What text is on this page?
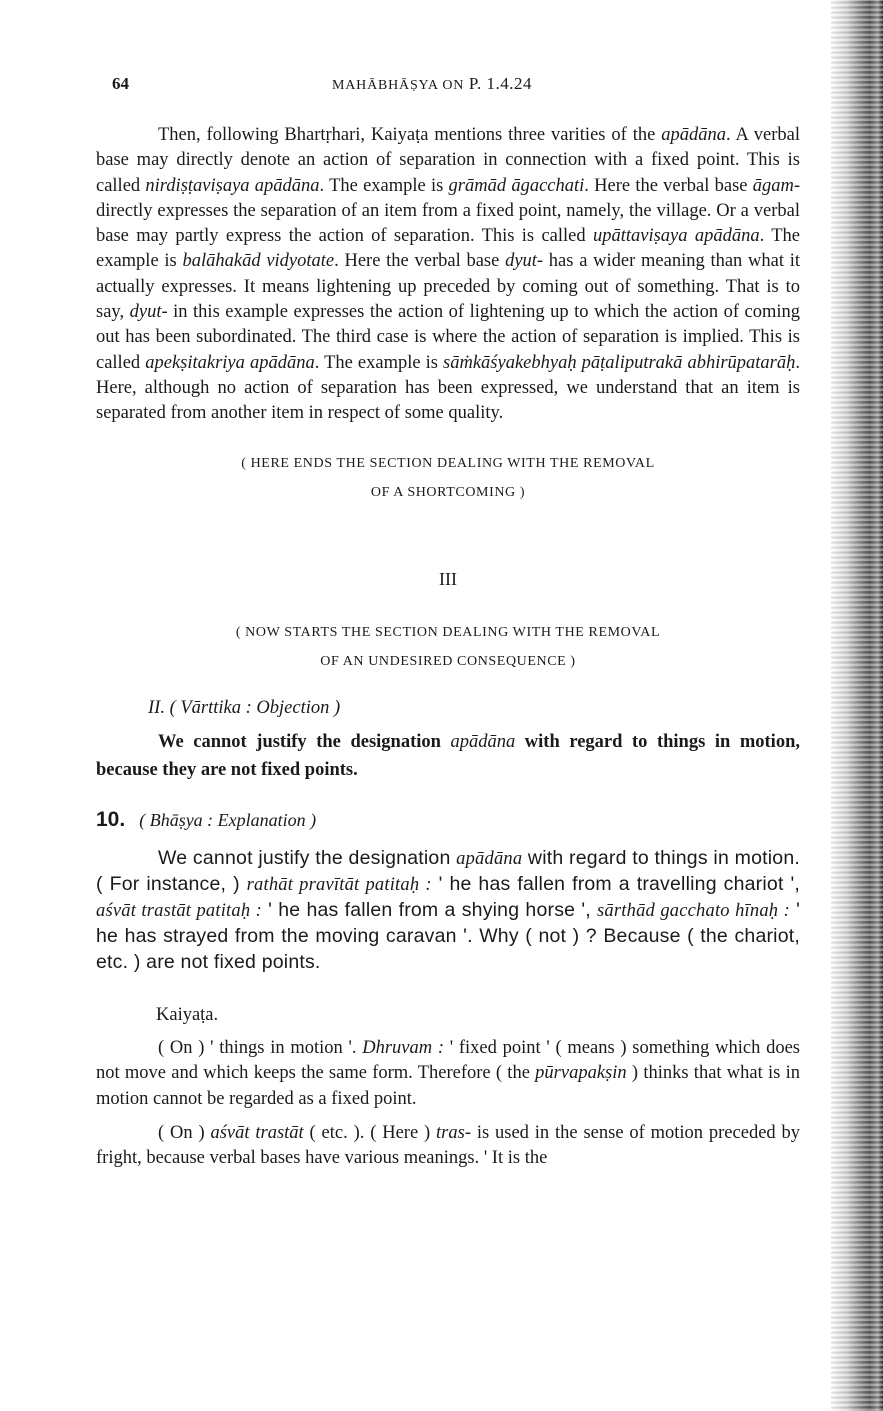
64	MAHĀBHĀṢYA ON P. 1.4.24

Then, following Bhartṛhari, Kaiyaṭa mentions three varities of the apādāna. A verbal base may directly denote an action of separation in connection with a fixed point. This is called nirdiṣṭaviṣaya apādāna. The example is grāmād āgacchati. Here the verbal base āgam- directly expresses the separation of an item from a fixed point, namely, the village. Or a verbal base may partly express the action of separation. This is called upāttaviṣaya apādāna. The example is balāhakād vidyotate. Here the verbal base dyut- has a wider meaning than what it actually expresses. It means lightening up preceded by coming out of something. That is to say, dyut- in this example expresses the action of lightening up to which the action of coming out has been subordinated. The third case is where the action of separation is implied. This is called apekṣitakriya apādāna. The example is sāṁkāśyakebhyaḥ pāṭaliputrakā abhirūpatarāḥ. Here, although no action of separation has been expressed, we understand that an item is separated from another item in respect of some quality.

( HERE ENDS THE SECTION DEALING WITH THE REMOVAL
OF A SHORTCOMING )
III
( NOW STARTS THE SECTION DEALING WITH THE REMOVAL
OF AN UNDESIRED CONSEQUENCE )
II. ( Vārttika : Objection )
We cannot justify the designation apādāna with regard to things in motion, because they are not fixed points.
10. ( Bhāṣya : Explanation )
We cannot justify the designation apādāna with regard to things in motion. ( For instance, ) rathāt pravītāt patitaḥ : ' he has fallen from a travelling chariot ', aśvāt trastāt patitaḥ : ' he has fallen from a shying horse ', sārthād gacchato hīnaḥ : ' he has strayed from the moving caravan '. Why ( not ) ? Because ( the chariot, etc. ) are not fixed points.
Kaiyaṭa.

( On ) ' things in motion '. Dhruvam : ' fixed point ' ( means ) something which does not move and which keeps the same form. Therefore ( the pūrvapakṣin ) thinks that what is in motion cannot be regarded as a fixed point.

( On ) aśvāt trastāt ( etc. ). ( Here ) tras- is used in the sense of motion preceded by fright, because verbal bases have various meanings. ' It is the
